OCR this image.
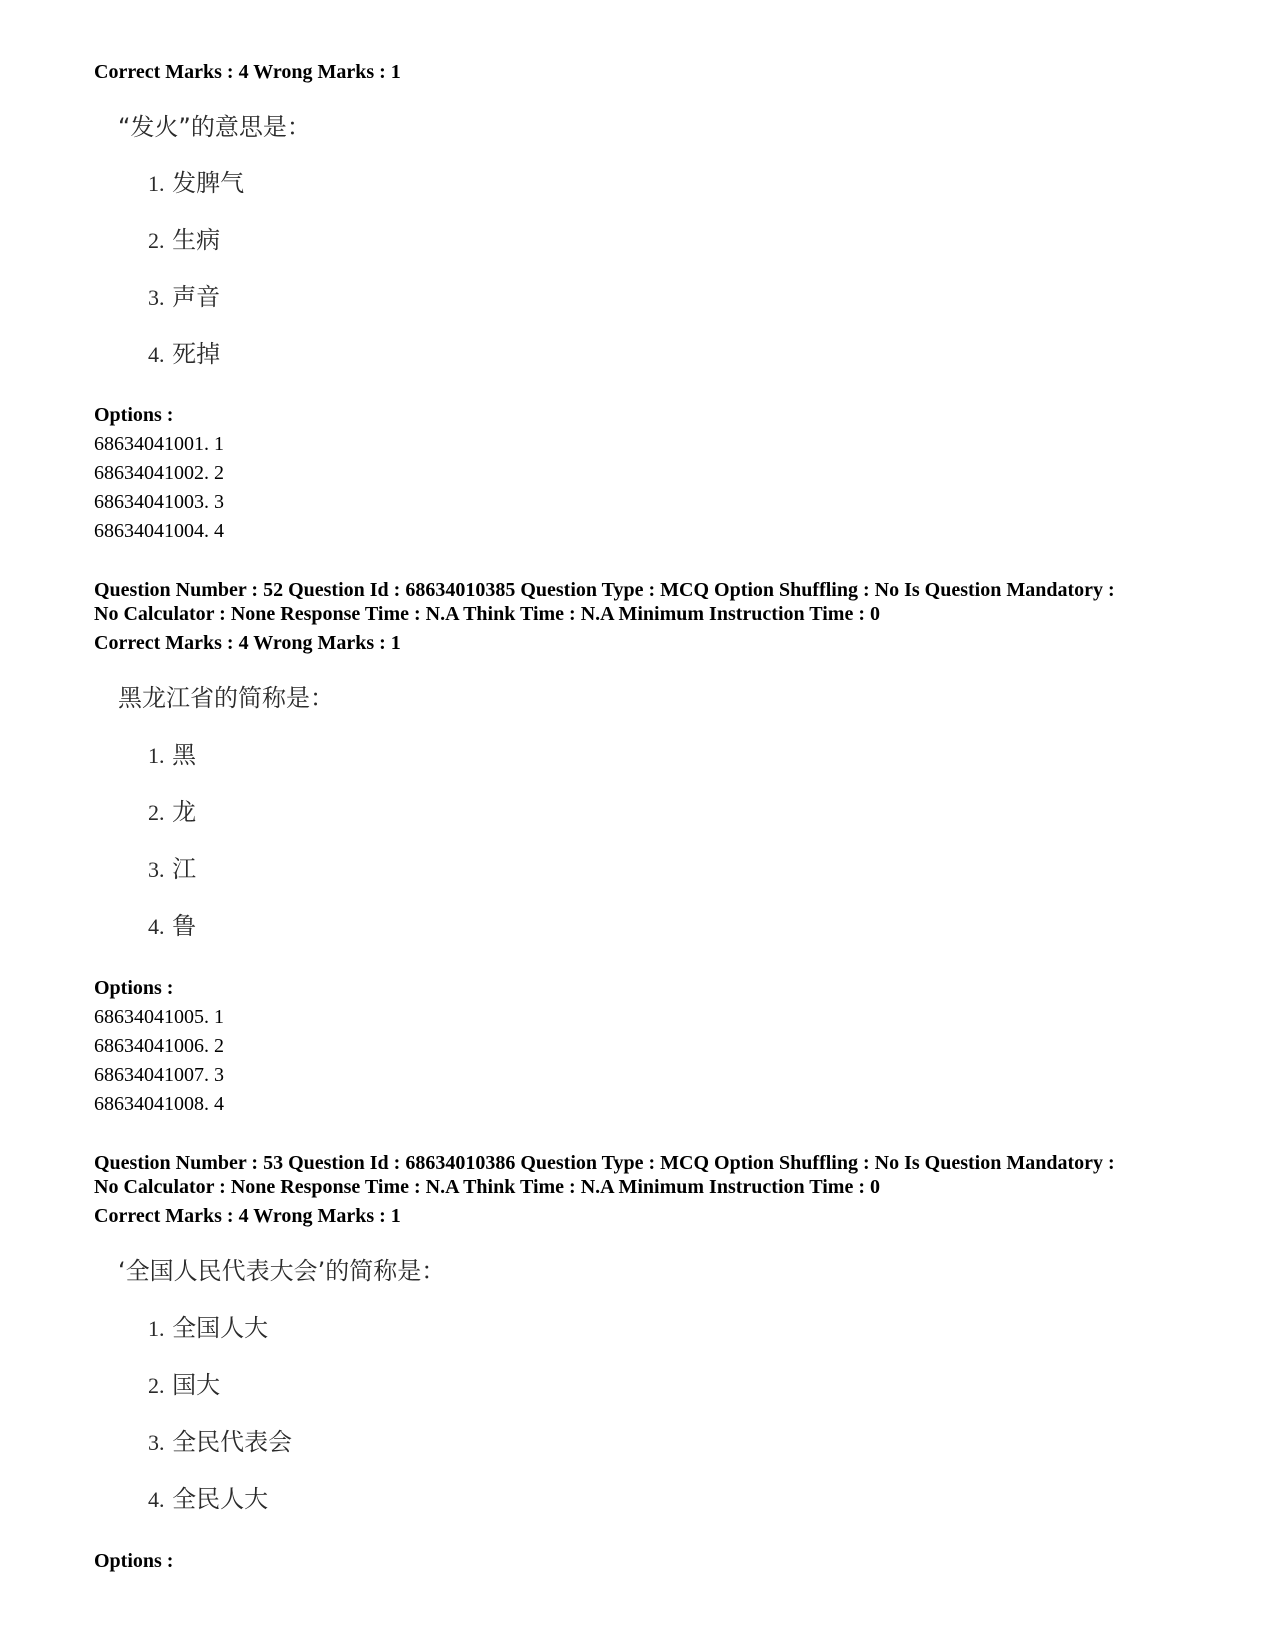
Correct Marks : 4 Wrong Marks : 1
“发火”的意思是：
1. 发脾气
2. 生病
3. 声音
4. 死掉
Options :
68634041001. 1
68634041002. 2
68634041003. 3
68634041004. 4
Question Number : 52 Question Id : 68634010385 Question Type : MCQ Option Shuffling : No Is Question Mandatory :
No Calculator : None Response Time : N.A Think Time : N.A Minimum Instruction Time : 0
Correct Marks : 4 Wrong Marks : 1
黑龙江省的简称是：
1. 黑
2. 龙
3. 江
4. 鲁
Options :
68634041005. 1
68634041006. 2
68634041007. 3
68634041008. 4
Question Number : 53 Question Id : 68634010386 Question Type : MCQ Option Shuffling : No Is Question Mandatory :
No Calculator : None Response Time : N.A Think Time : N.A Minimum Instruction Time : 0
Correct Marks : 4 Wrong Marks : 1
‘全国人民代表大会’的简称是：
1. 全国人大
2. 国大
3. 全民代表会
4. 全民人大
Options :
